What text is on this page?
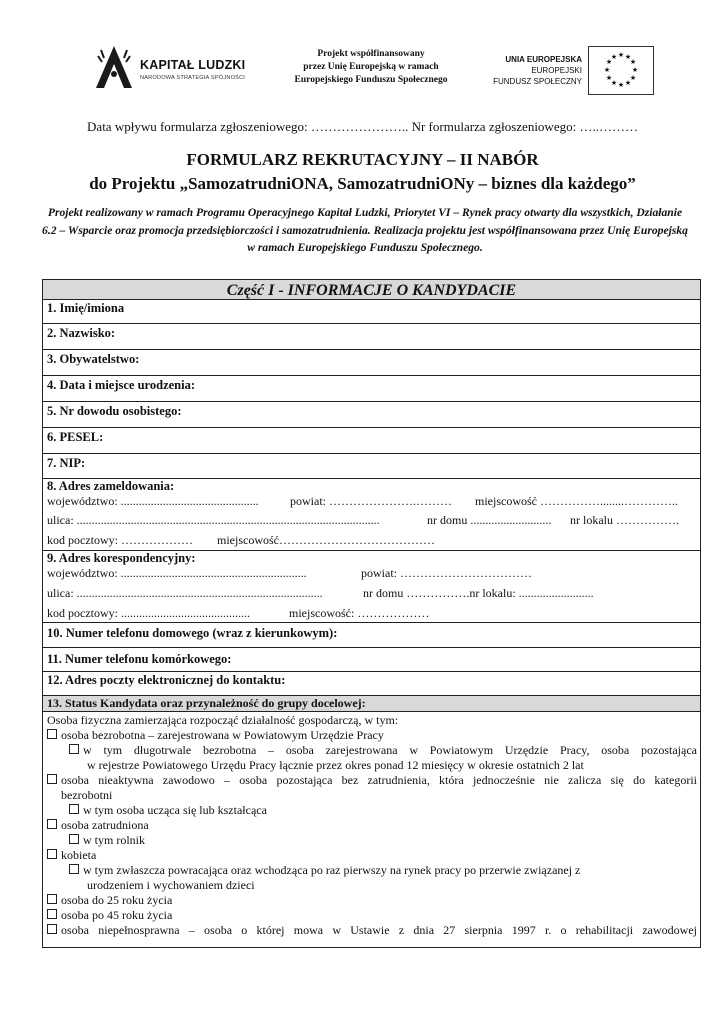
KAPITAŁ LUDZKI
NARODOWA STRATEGIA SPÓJNOŚCI
Projekt współfinansowany
przez Unię Europejską w ramach
Europejskiego Funduszu Społecznego
UNIA EUROPEJSKA
EUROPEJSKI
FUNDUSZ SPOŁECZNY
★ ★
★
★
★
★
★
★
★
★
★
★
Data wpływu formularza zgłoszeniowego: ………………….. Nr formularza zgłoszeniowego: …..………
FORMULARZ REKRUTACYJNY – II NABÓR
do Projektu „SamozatrudniONA, SamozatrudniONy – biznes dla każdego”
Projekt realizowany w ramach Programu Operacyjnego Kapitał Ludzki, Priorytet VI – Rynek pracy otwarty dla wszystkich, Działanie 6.2 – Wsparcie oraz promocja przedsiębiorczości i samozatrudnienia. Realizacja projektu jest współfinansowana przez Unię Europejską w ramach Europejskiego Funduszu Społecznego.
Część I - INFORMACJE O KANDYDACIE
1. Imię/imiona
2. Nazwisko:
3. Obywatelstwo:
4. Data i miejsce urodzenia:
5. Nr dowodu osobistego:
6. PESEL:
7. NIP:
8. Adres zameldowania:
województwo: ..............................................	powiat: ………………….……… miejscowość ……………........…………..
ulica: .....................................................................................................	nr domu ........................... nr lokalu …………….
kod pocztowy: ……………… miejscowość…………………………………
9. Adres korespondencyjny:
województwo: ..............................................................	powiat: ……………………………
ulica: ..................................................................................	nr domu …………….nr lokalu: .........................
kod pocztowy: ...........................................	miejscowość: ………………
10. Numer telefonu domowego (wraz z kierunkowym):
11. Numer telefonu komórkowego:
12. Adres poczty elektronicznej do kontaktu:
13. Status Kandydata oraz przynależność do grupy docelowej:
Osoba fizyczna zamierzająca rozpocząć działalność gospodarczą, w tym:
osoba bezrobotna – zarejestrowana w Powiatowym Urzędzie Pracy
w tym długotrwale bezrobotna – osoba zarejestrowana w Powiatowym Urzędzie Pracy, osoba pozostająca
w rejestrze Powiatowego Urzędu Pracy łącznie przez okres ponad 12 miesięcy w okresie ostatnich 2 lat
osoba nieaktywna zawodowo – osoba pozostająca bez zatrudnienia, która jednocześnie nie zalicza się do kategorii
bezrobotni
w tym osoba ucząca się lub kształcąca
osoba zatrudniona
w tym rolnik
kobieta
w tym zwłaszcza powracająca oraz wchodząca po raz pierwszy na rynek pracy po przerwie związanej z
urodzeniem i wychowaniem dzieci
osoba do 25 roku życia
osoba po 45 roku życia
osoba niepełnosprawna – osoba o której mowa w Ustawie z dnia 27 sierpnia 1997 r. o rehabilitacji zawodowej
